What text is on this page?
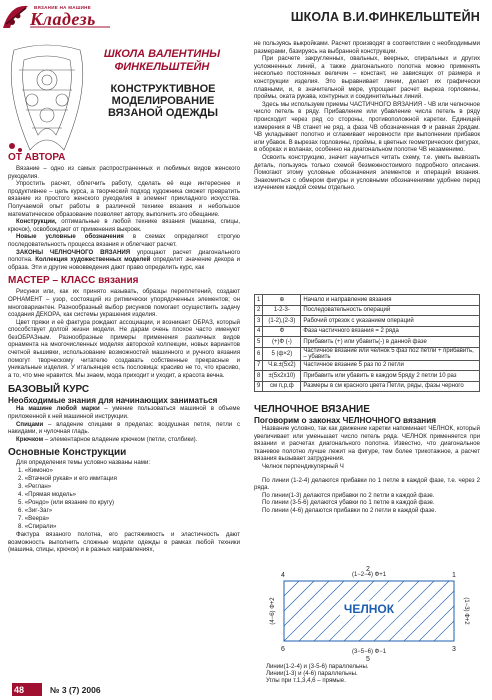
ВЯЗАНИЕ НА МАШИНЕ
Кладезь	ШКОЛА В.И.ФИНКЕЛЬШТЕЙН
ШКОЛА ВАЛЕНТИНЫ ФИНКЕЛЬШТЕЙН
КОНСТРУКТИВНОЕ МОДЕЛИРОВАНИЕ ВЯЗАНОЙ ОДЕЖДЫ
ОТ АВТОРА
Вязание – одно из самых распространенных и любимых видов женского рукоделия.
Упростить расчет, облегчить работу, сделать её еще интереснее и продуктивнее – цель курса, а творческий подход художника сможет превратить вязание из простого женского рукоделия в элемент прикладного искусства. Получаемой опыт работы в различной технике вязания и небольшое математическое образование позволяет автору, выполнить это обещание.
Конструкции, оптимальные в любой технике вязания (машина, спицы, крючок), освобождают от применения выкроек.
Новые условные обозначения в схемах определяют строгую последовательность процесса вязания и облегчают расчет.
ЗАКОНЫ ЧЕЛНОЧНОГО ВЯЗАНИЯ упрощают расчет диагонального полотна. Коллекция художественных моделей определит значение декора и образа. Эти и другие нововведения дают право определить курс, как
МАСТЕР – КЛАСС вязания
Рисунки или, как их принято называть, образцы переплетений, создают ОРНАМЕНТ – узор, состоящий из ритмически упорядоченных элементов; он многовариантен. Разнообразный выбор рисунков помогает осуществить задачу создания ДЕКОРА, как системы украшения изделия.
Цвет пряжи и её фактура рождают ассоциации, и возникает ОБРАЗ, который способствует долгой жизни модели. Не дарам очень плохое часто именуют безОБРАЗным. Разнообразные примеры применения различных видов орнамента на многочисленных моделях авторской коллекции, новых вариантов счетной вышивки, использование возможностей машинного и ручного вязания помогут творческому читателю создавать собственные прекрасные и уникальные изделия. У итальянцев есть пословица: красиво не то, что красиво, а то, что мне нравится. Мы знаем, мода приходит и уходит, а красота вечна.
БАЗОВЫЙ КУРС
Необходимые знания для начинающих заниматься
На машине любой марки – умение пользоваться машиной в объеме приложенной к ней машинной инструкции.
Спицами – владение спицами в пределах: воздушная петля, петли с накидами, и чулочная гладь.
Крючком – элементарное владение крючком (петли, столбики).
Основные Конструкции
Для определения темы условно названы нами:
1. «Кимоно»
2. «Втачной рукав» и его имитация
3. «Реглан»
4. «Прямая модель»
5. «Рондо» (или вязание по кругу)
6. «Зиг-Заг»
7. «Веера»
8. «Спирали»
Фактура вязаного полотна, его растяжимость и эластичность дают возможность выполнить сложные модели одежды в рамках любой техники (машина, спицы, крючок) и в разных направлениях,
не пользуясь выкройками. Расчет производят в соответствии с необходимыми размерами, базируясь на выбранной конструкции.
При расчете закругленных, овальных, веерных, спиральных и других усложненных линий, а также диагонального полотна можно применять несколько постоянных величин – констант, не зависящих от размера и конструкции изделия. Это выравнивает линии, делает их графически плавными, и, в значительной мере, упрощает расчет выреза горловины, проймы, оката рукава, контурных и соединительных линий.
Здесь мы используем приемы ЧАСТИЧНОГО ВЯЗАНИЯ - ЧВ или челночное число петель в ряду. Прибавление или убавление числа петель в ряду происходит через ряд со стороны, противоположной каретки. Единицей измерения в ЧВ станет не ряд, а фаза ЧВ обозначенная Ф и равная 2рядам. ЧВ укладывает полотно и сглаживает неровности при выполнении прибавок или убавок. В вырезах горловины, проймы, в цветных геометрических фигурах, в оборках и воланах, особенно на диагональном полотне ЧВ незаменимо.
Освоить конструкцию, значит научиться читать схему, т.е. уметь вывязать деталь, пользуясь только схемой безмежностоимого подробного описания. Помогают этому условные обозначения элементов и операций вязания. Знакомиться с обмером фигуры и условными обозначениями удобнее перед изучением каждой схемы отдельно.
1	⊕	Начало и направление вязания
2	1-2-3-	Последовательность операций
3	(1-2),(2-3)	Рабочий отрезок с указанием операций
4	Ф	Фаза частичного вязания = 2 ряда
5	(+)Ф (-)	Прибавить (+) или убавить(-) в данной фазе
6	5 (ф×2)	Частичное вязание или челнок 5 фаз по2 петли + прибавить, – убавить
7	Ч.в.±(5х2)	Частичное вязание 5 раз по 2 петли
8	±(5х2х10)	Прибавить или убавить в каждом 5ряду 2 петли 10 раз
9	см п,р,ф	Размеры в см красного цвета Петли, ряды, фазы черного
ЧЕЛНОЧНОЕ ВЯЗАНИЕ
Поговорим о законах ЧЕЛНОЧНОГО вязания
Название условно, так как движение каретки напоминает ЧЕЛНОК, который увеличивает или уменьшает число петель ряда. ЧЕЛНОК применяется при вязании и расчетах диагонального полотна. Известно, что диагональное тканевое полотно лучше лежит на фигуре, тем более трикотажное, а расчет вязания вызывает затруднения.
Челнок перпендикулярный Ч
По линии (1-2-4) делаются прибавки по 1 петле в каждой фазе, т.е. через 2 ряда.
По линии(1-3) делаются прибавки по 2 петли в каждой фазе.
По линии (3-5-6) делаются убавки по 1 петле в каждой фазе.
По линии (4-6) делаются прибавки по 2 петли в каждой фазе.
ЧЕЛНОК
(1−2−4) Ф+1
(3−5−6) Ф−1
(4−6) Ф+2	(1−3) Ф+2
4
2
1
6
5
3
Линии(1-2-4) и (3-5-6) параллельны.
Линии(1-3) и (4-6) параллельны.
Углы при т.1,3,4,6 – прямые.
48	№ 3 (7) 2006
